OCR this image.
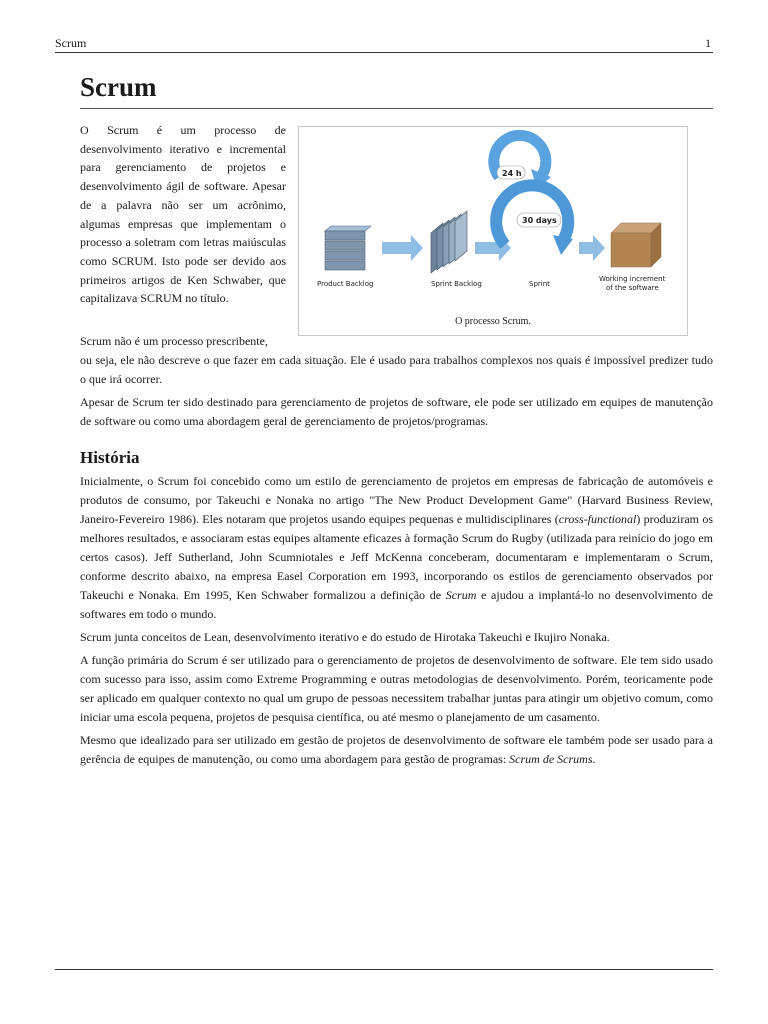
Scrum	1
Scrum

O Scrum é um processo de desenvolvimento iterativo e incremental para gerenciamento de projetos e desenvolvimento ágil de software. Apesar de a palavra não ser um acrônimo, algumas empresas que implementam o processo a soletram com letras maiúsculas como SCRUM. Isto pode ser devido aos primeiros artigos de Ken Schwaber, que capitalizava SCRUM no título.

Product Backlog	Sprint Backlog	Sprint
Working increment
of the software
24 h
30 days
O processo Scrum.

Scrum não é um processo prescribente,

ou seja, ele não descreve o que fazer em cada situação. Ele é usado para trabalhos complexos nos quais é impossível predizer tudo o que irá ocorrer.

Apesar de Scrum ter sido destinado para gerenciamento de projetos de software, ele pode ser utilizado em equipes de manutenção de software ou como uma abordagem geral de gerenciamento de projetos/programas.

História

Inicialmente, o Scrum foi concebido como um estilo de gerenciamento de projetos em empresas de fabricação de automóveis e produtos de consumo, por Takeuchi e Nonaka no artigo "The New Product Development Game" (Harvard Business Review, Janeiro-Fevereiro 1986). Eles notaram que projetos usando equipes pequenas e multidisciplinares (cross-functional) produziram os melhores resultados, e associaram estas equipes altamente eficazes à formação Scrum do Rugby (utilizada para reinício do jogo em certos casos). Jeff Sutherland, John Scumniotales e Jeff McKenna conceberam, documentaram e implementaram o Scrum, conforme descrito abaixo, na empresa Easel Corporation em 1993, incorporando os estilos de gerenciamento observados por Takeuchi e Nonaka. Em 1995, Ken Schwaber formalizou a definição de Scrum e ajudou a implantá-lo no desenvolvimento de softwares em todo o mundo.

Scrum junta conceitos de Lean, desenvolvimento iterativo e do estudo de Hirotaka Takeuchi e Ikujiro Nonaka.

A função primária do Scrum é ser utilizado para o gerenciamento de projetos de desenvolvimento de software. Ele tem sido usado com sucesso para isso, assim como Extreme Programming e outras metodologias de desenvolvimento. Porém, teoricamente pode ser aplicado em qualquer contexto no qual um grupo de pessoas necessitem trabalhar juntas para atingir um objetivo comum, como iniciar uma escola pequena, projetos de pesquisa científica, ou até mesmo o planejamento de um casamento.

Mesmo que idealizado para ser utilizado em gestão de projetos de desenvolvimento de software ele também pode ser usado para a gerência de equipes de manutenção, ou como uma abordagem para gestão de programas: Scrum de Scrums.
